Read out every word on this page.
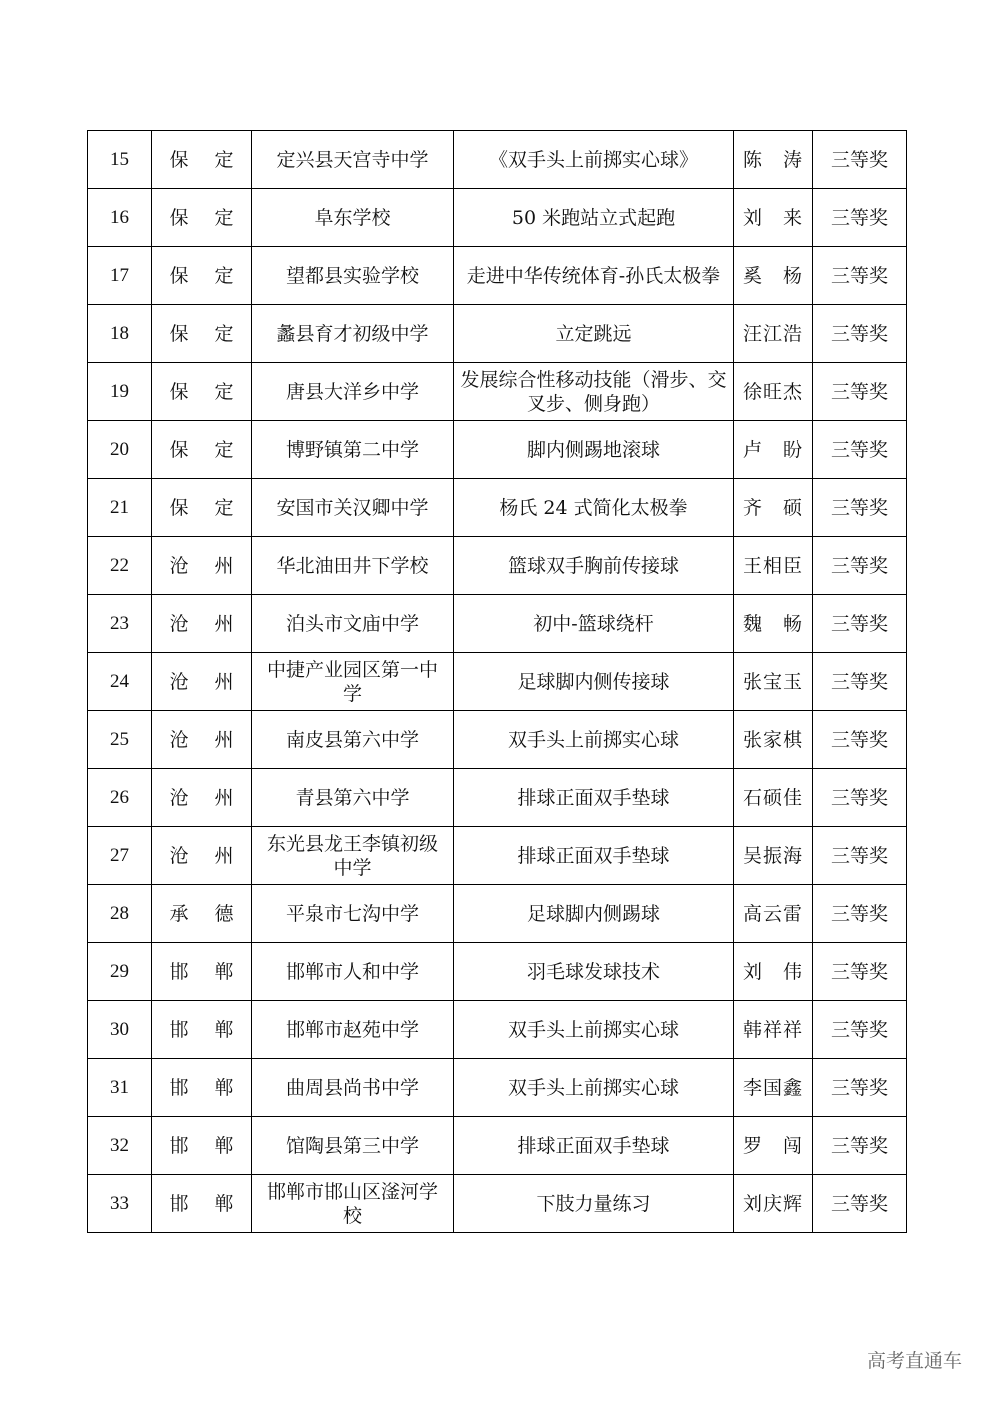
15	保 定	定兴县天宫寺中学	《双手头上前掷实心球》	陈　涛	三等奖
16	保 定	阜东学校	50 米跑站立式起跑	刘　来	三等奖
17	保 定	望都县实验学校	走进中华传统体育-孙氏太极拳	奚　杨	三等奖
18	保 定	蠡县育才初级中学	立定跳远	汪江浩	三等奖
19	保 定	唐县大洋乡中学	发展综合性移动技能（滑步、交叉步、侧身跑）	徐旺杰	三等奖
20	保 定	博野镇第二中学	脚内侧踢地滚球	卢　盼	三等奖
21	保 定	安国市关汉卿中学	杨氏 24 式简化太极拳	齐　硕	三等奖
22	沧 州	华北油田井下学校	篮球双手胸前传接球	王相臣	三等奖
23	沧 州	泊头市文庙中学	初中-篮球绕杆	魏　畅	三等奖
24	沧 州	中捷产业园区第一中学	足球脚内侧传接球	张宝玉	三等奖
25	沧 州	南皮县第六中学	双手头上前掷实心球	张家棋	三等奖
26	沧 州	青县第六中学	排球正面双手垫球	石硕佳	三等奖
27	沧 州	东光县龙王李镇初级中学	排球正面双手垫球	吴振海	三等奖
28	承 德	平泉市七沟中学	足球脚内侧踢球	高云雷	三等奖
29	邯 郸	邯郸市人和中学	羽毛球发球技术	刘　伟	三等奖
30	邯 郸	邯郸市赵苑中学	双手头上前掷实心球	韩祥祥	三等奖
31	邯 郸	曲周县尚书中学	双手头上前掷实心球	李国鑫	三等奖
32	邯 郸	馆陶县第三中学	排球正面双手垫球	罗　闯	三等奖
33	邯 郸	邯郸市邯山区滏河学校	下肢力量练习	刘庆辉	三等奖
高考直通车
